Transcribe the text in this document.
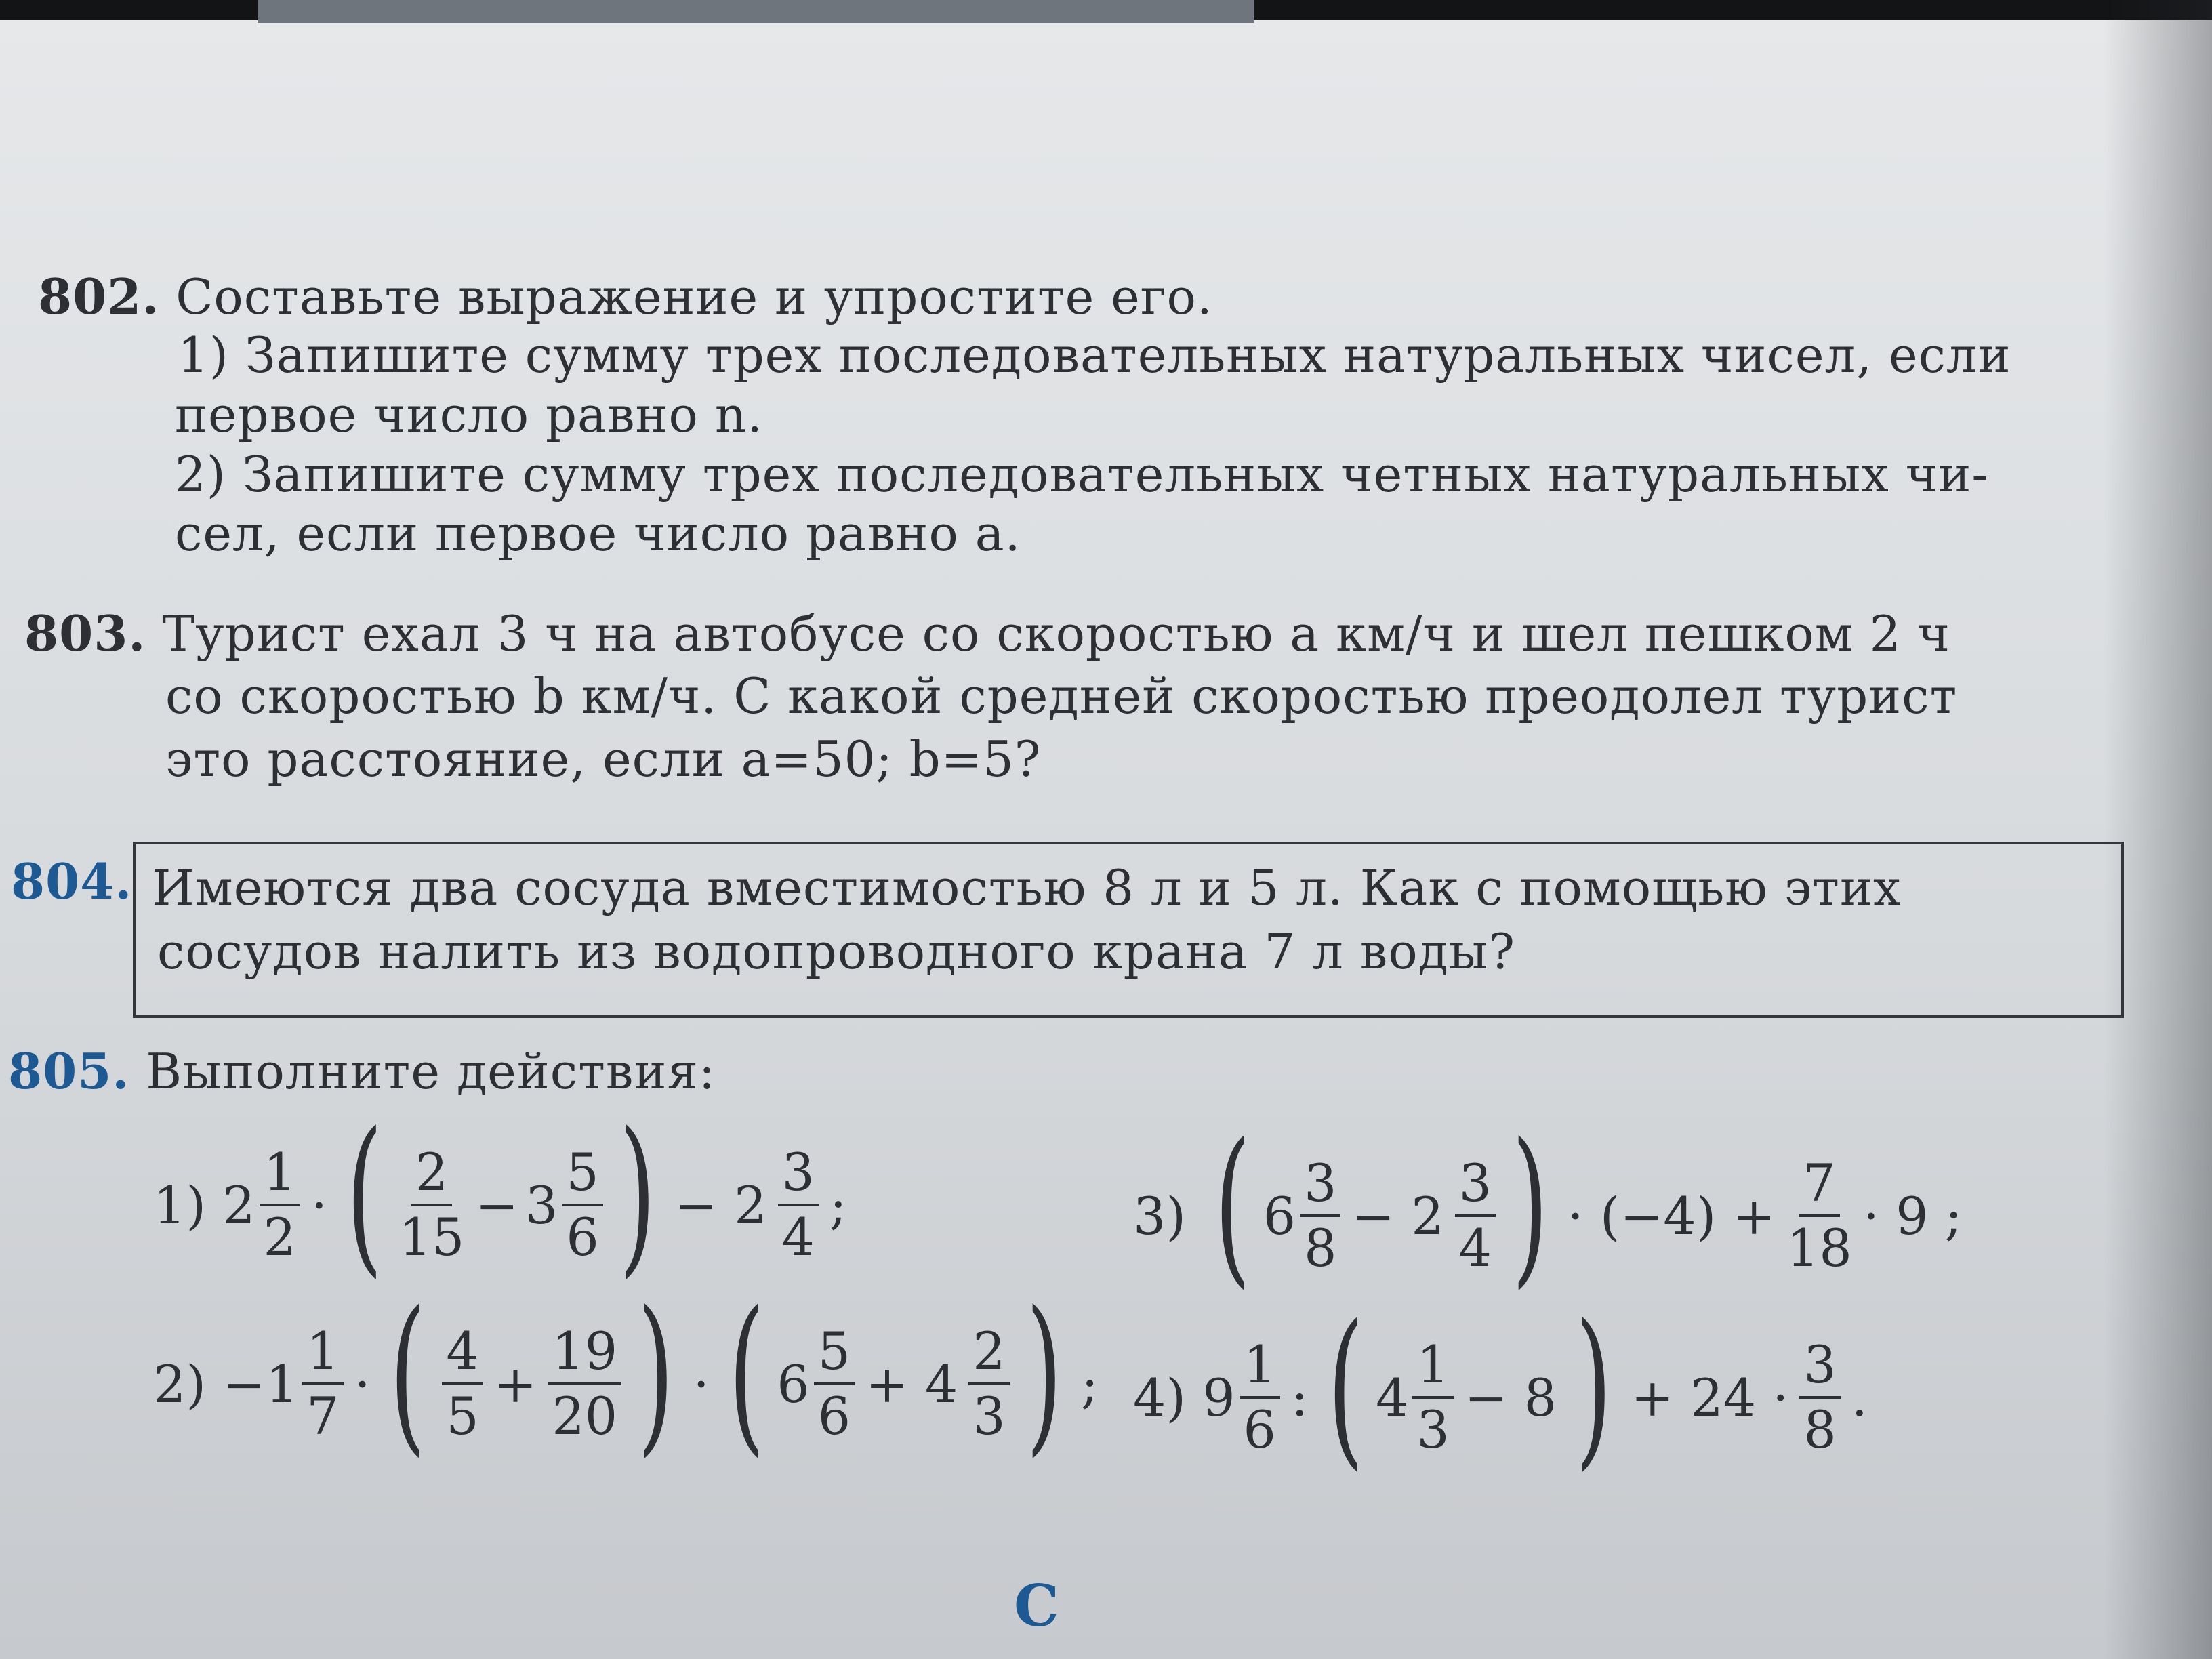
802. Составьте выражение и упростите его.
1) Запишите сумму трех последовательных натуральных чисел, если
первое число равно n.
2) Запишите сумму трех последовательных четных натуральных чи-
сел, если первое число равно a.
803. Турист ехал 3 ч на автобусе со скоростью a км/ч и шел пешком 2 ч
со скоростью b км/ч. С какой средней скоростью преодолел турист
это расстояние, если a=50; b=5?
804. Имеются два сосуда вместимостью 8 л и 5 л. Как с помощью этих
сосудов налить из водопроводного крана 7 л воды?
805. Выполните действия:
1)
$2 \frac{1}{2}$ · ( $\frac{2}{15} - 3 \frac{5}{6}$ ) − $2 \frac{3}{4}$ ;
2)
$-1 \frac{1}{7}$ · ( $\frac{4}{5} + \frac{19}{20}$ ) · ( $6 \frac{5}{6} + 4 \frac{2}{3}$ ) ;
3)
( $6 \frac{3}{8} - 2 \frac{3}{4}$ ) · $(-4) + \frac{7}{18} \cdot 9$ ;
4)
$9 \frac{1}{6}$ : ( $4 \frac{1}{3} - 8$ ) + $24 \cdot \frac{3}{8}$ .
С
